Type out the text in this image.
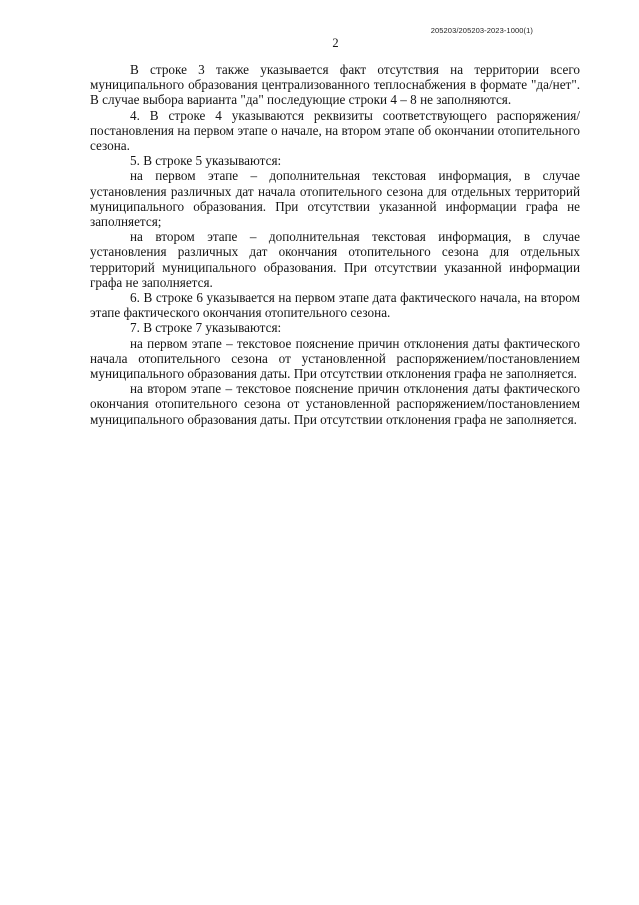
205203/205203-2023-1000(1)
2

В строке 3 также указывается факт отсутствия на территории всего муниципального образования централизованного теплоснабжения в формате "да/нет". В случае выбора варианта "да" последующие строки 4 – 8 не заполняются.

4. В строке 4 указываются реквизиты соответствующего распоряжения/постановления на первом этапе о начале, на втором этапе об окончании отопительного сезона.

5. В строке 5 указываются:

на первом этапе – дополнительная текстовая информация, в случае установления различных дат начала отопительного сезона для отдельных территорий муниципального образования. При отсутствии указанной информации графа не заполняется;

на втором этапе – дополнительная текстовая информация, в случае установления различных дат окончания отопительного сезона для отдельных территорий муниципального образования. При отсутствии указанной информации графа не заполняется.

6. В строке 6 указывается на первом этапе дата фактического начала, на втором этапе фактического окончания отопительного сезона.

7. В строке 7 указываются:

на первом этапе – текстовое пояснение причин отклонения даты фактического начала отопительного сезона от установленной распоряжением/постановлением муниципального образования даты. При отсутствии отклонения графа не заполняется.

на втором этапе – текстовое пояснение причин отклонения даты фактического окончания отопительного сезона от установленной распоряжением/постановлением муниципального образования даты. При отсутствии отклонения графа не заполняется.
